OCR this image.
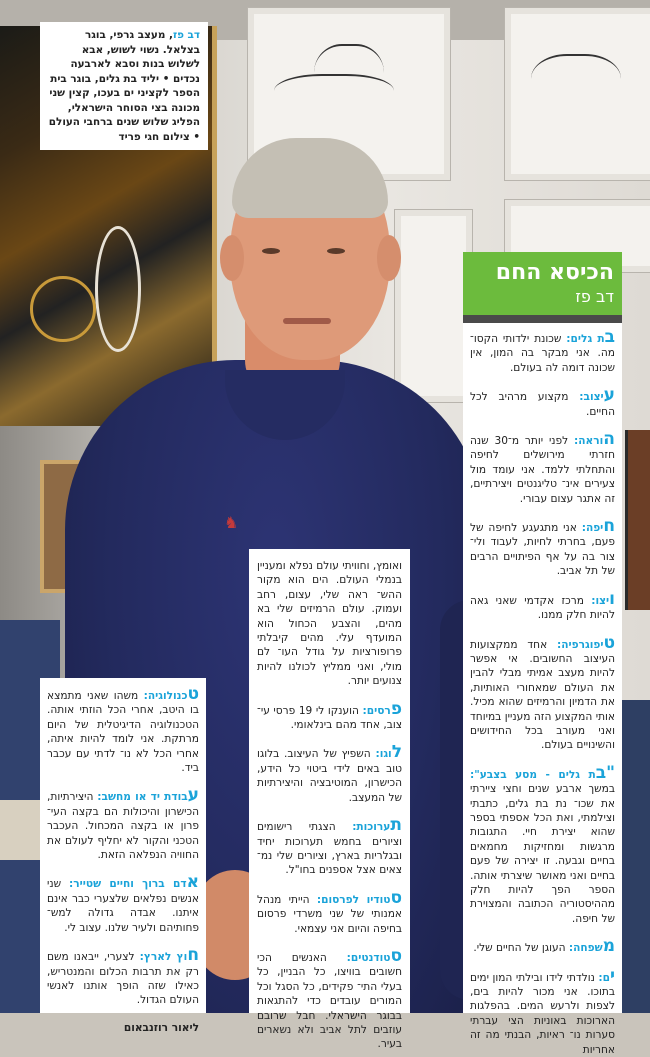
♞

דב פז, מעצב גרפי, בוגר בצלאל. נשוי לשוש, אבא לשלוש בנות וסבא לארבעה נכדים • יליד בת גלים, בוגר בית הספר לקציני ים בעכו, קצין שני מכונה בצי הסוחר הישראלי, הפליג שלוש שנים ברחבי העולם • צילום חגי פריד

הכיסא החם
דב פז

בת גלים: שכונת ילדותי הקסו־ מה. אני מבקר בה המון, אין שכונה דומה לה בעולם.

עיצוב: מקצוע מרהיב לכל החיים.

הוראה: לפני יותר מ־30 שנה חזרתי מירושלים לחיפה והתחלתי ללמד. אני עומד מול צעירים אינ־ טליגנטים ויצירתיים, זה אתגר עצום עבורי.

חיפה: אני מתגעגע לחיפה של פעם, בחרתי לחיות, לעבוד ולי־ צור בה על אף הפיתויים הרבים של תל אביב.

ויצו: מרכז אקדמי שאני גאה להיות חלק ממנו.

טיפוגרפיה: אחד ממקצועות העיצוב החשובים. אי אפשר להיות מעצב אמיתי מבלי להבין את העולם שמאחורי האותיות, את הדמיון והרמיזים שהוא מכיל. אותי המקצוע הזה מעניין במיוחד ואני מעורב בכל החידושים והשינויים בעולם.

"בת גלים - מסע בצבע": במשך ארבע שנים וחצי ציירתי את שכו־ נת בת גלים, כתבתי וצילמתי, ואת הכל אספתי בספר שהוא יצירת חיי. התגובות מרגשות ומחזיקות מחמאים בחיים וגבעה. זו יצירה של פעם בחיים ואני מאושר שיצרתי אותה. הספר הפך להיות חלק מההיסטוריה הכתובה והמצוירת של חיפה.

משפחה: העוגן של החיים שלי.

ים: נולדתי לידו ובילתי המון ימים בתוכו. אני מכור להיות בים, לצפות ולרעש המים. בהפלגות הארוכות באוניות הצי עברתי סערות נו־ ראיות, הבנתי מה זה אחריות

ואומץ, וחוויתי עולם נפלא ומעניין בנמלי העולם. הים הוא מקור ההש־ ראה שלי, עצום, רחב ועמוק. עולם הרמיזים שלי בא מהים, והצבע הכחול הוא המועדף עלי. מהים קיבלתי פרופורציות על גודל העו־ לם מולי, ואני ממליץ לכולנו להיות צנועים יותר.

פרסים: הוענקו לי 19 פרסי עי־ צוב, אחד מהם בינלאומי.

לוגו: השפיץ של העיצוב. בלוגו טוב באים לידי ביטוי כל הידע, הכישרון, המוטיבציה והיצירתיות של המעצב.

תערוכות: הצגתי רישומים וציורים בחמש תערוכות יחיד ובגלריות בארץ, וציורים שלי נמ־ צאים אצל אספנים בחו"ל.

סטודיו לפרסום: הייתי מנהל אמנותי של שני משרדי פרסום בחיפה והיום אני עצמאי.

סטודנטים: האנשים הכי חשובים בוויצו, כל הבניין, כל בעלי התי־ פקידים, כל הסגל וכל המורים עובדים כדי להתגאות בבוגר הישראלי. חבל שרובם עוזבים לתל אביב ולא נשארים בעיר.

טכנולוגיה: משהו שאני מתמצא בו היטב, אחרי הכל הוזתי אותה. הטכנולוגיה הדיגיטלית של היום מרתקת. אני לומד להיות איתה, אחרי הכל לא נו־ לדתי עם עכבר ביד.

עבודת יד או מחשב: היצירתיות, הכישרון והיכולות הם בקצה העי־ פרון או בקצה המכחול. העכבר הטכני והקור לא יחליף לעולם את החוויה הנפלאה הזאת.

אדם ברוך וחיים שטייר: שני אנשים נפלאים שלצערי כבר אינם איתנו. אבדה גדולה למש־ פחותיהם ולעיר שלנו. עצוב לי.

חוץ לארץ: לצערי, ייבאנו משם רק את תרבות הכלום והמנטריש, כאילו שזה הופך אותנו לאנשי העולם הגדול.

ליאור רוזנבאום
